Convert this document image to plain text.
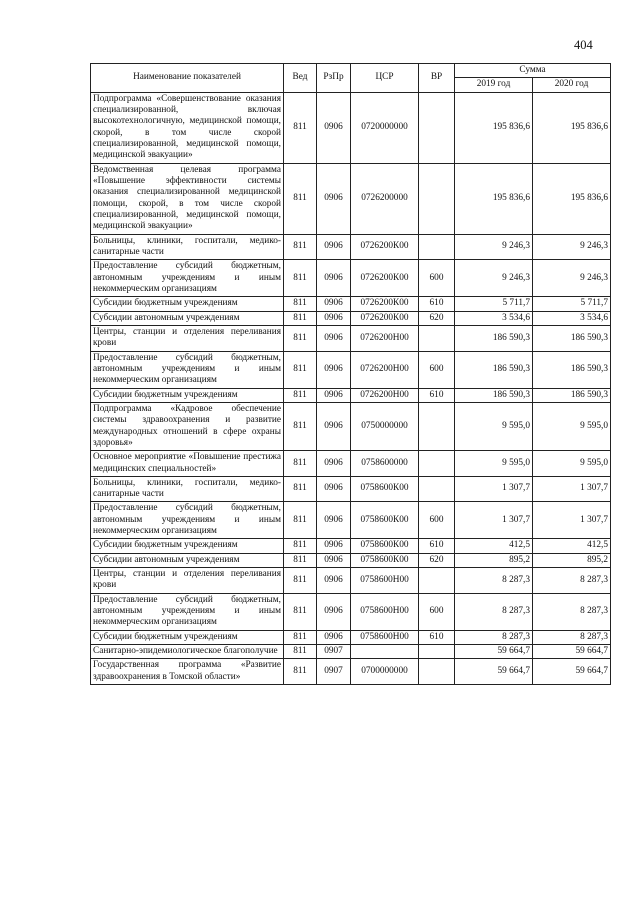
404
Наименование показателей	Вед	РзПр	ЦСР	ВР	Сумма	
					2019 год	2020 год
Подпрограмма «Совершенствование оказания специализированной, включая высокотехнологичную, медицинской помощи, скорой, в том числе скорой специализированной, медицинской помощи, медицинской эвакуации»	811	0906	0720000000		195 836,6	195 836,6
Ведомственная целевая программа «Повышение эффективности системы оказания специализированной медицинской помощи, скорой, в том числе скорой специализированной, медицинской помощи, медицинской эвакуации»	811	0906	0726200000		195 836,6	195 836,6
Больницы, клиники, госпитали, медико-санитарные части	811	0906	0726200К00		9 246,3	9 246,3
Предоставление субсидий бюджетным, автономным учреждениям и иным некоммерческим организациям	811	0906	0726200К00	600	9 246,3	9 246,3
Субсидии бюджетным учреждениям	811	0906	0726200К00	610	5 711,7	5 711,7
Субсидии автономным учреждениям	811	0906	0726200К00	620	3 534,6	3 534,6
Центры, станции и отделения переливания крови	811	0906	0726200Н00		186 590,3	186 590,3
Предоставление субсидий бюджетным, автономным учреждениям и иным некоммерческим организациям	811	0906	0726200Н00	600	186 590,3	186 590,3
Субсидии бюджетным учреждениям	811	0906	0726200Н00	610	186 590,3	186 590,3
Подпрограмма «Кадровое обеспечение системы здравоохранения и развитие международных отношений в сфере охраны здоровья»	811	0906	0750000000		9 595,0	9 595,0
Основное мероприятие «Повышение престижа медицинских специальностей»	811	0906	0758600000		9 595,0	9 595,0
Больницы, клиники, госпитали, медико-санитарные части	811	0906	0758600К00		1 307,7	1 307,7
Предоставление субсидий бюджетным, автономным учреждениям и иным некоммерческим организациям	811	0906	0758600К00	600	1 307,7	1 307,7
Субсидии бюджетным учреждениям	811	0906	0758600К00	610	412,5	412,5
Субсидии автономным учреждениям	811	0906	0758600К00	620	895,2	895,2
Центры, станции и отделения переливания крови	811	0906	0758600Н00		8 287,3	8 287,3
Предоставление субсидий бюджетным, автономным учреждениям и иным некоммерческим организациям	811	0906	0758600Н00	600	8 287,3	8 287,3
Субсидии бюджетным учреждениям	811	0906	0758600Н00	610	8 287,3	8 287,3
Санитарно-эпидемиологическое благополучие	811	0907			59 664,7	59 664,7
Государственная программа «Развитие здравоохранения в Томской области»	811	0907	0700000000		59 664,7	59 664,7
